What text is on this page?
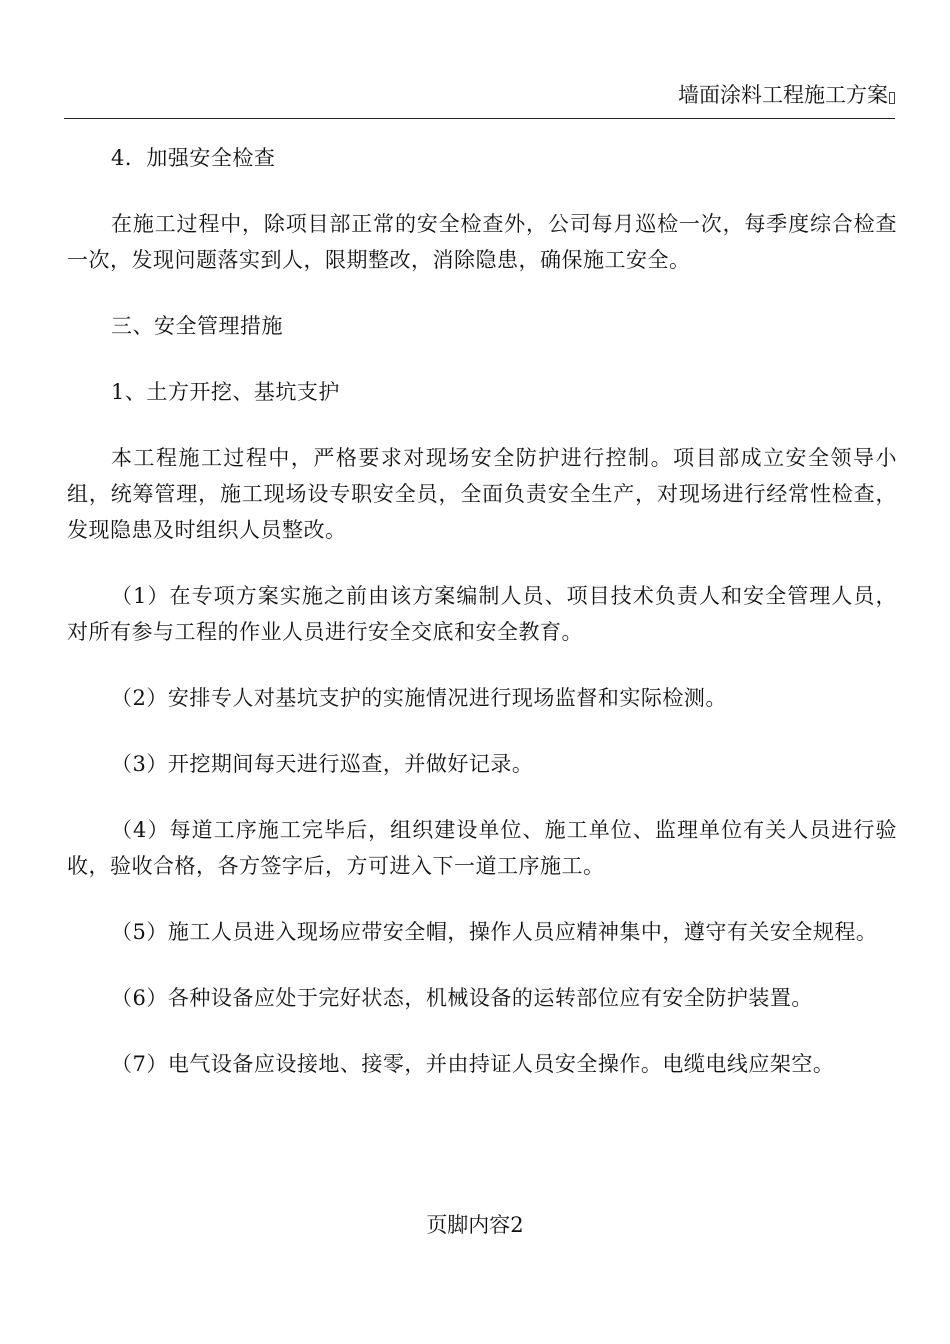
墙面涂料工程施工方案

4．加强安全检查

在施工过程中，除项目部正常的安全检查外，公司每月巡检一次，每季度综合检查一次，发现问题落实到人，限期整改，消除隐患，确保施工安全。

三、安全管理措施

1、土方开挖、基坑支护

本工程施工过程中，严格要求对现场安全防护进行控制。项目部成立安全领导小组，统筹管理，施工现场设专职安全员，全面负责安全生产，对现场进行经常性检查，发现隐患及时组织人员整改。

（1）在专项方案实施之前由该方案编制人员、项目技术负责人和安全管理人员，对所有参与工程的作业人员进行安全交底和安全教育。

（2）安排专人对基坑支护的实施情况进行现场监督和实际检测。

（3）开挖期间每天进行巡查，并做好记录。

（4）每道工序施工完毕后，组织建设单位、施工单位、监理单位有关人员进行验收，验收合格，各方签字后，方可进入下一道工序施工。

（5）施工人员进入现场应带安全帽，操作人员应精神集中，遵守有关安全规程。

（6）各种设备应处于完好状态，机械设备的运转部位应有安全防护装置。

（7）电气设备应设接地、接零，并由持证人员安全操作。电缆电线应架空。

页脚内容2
